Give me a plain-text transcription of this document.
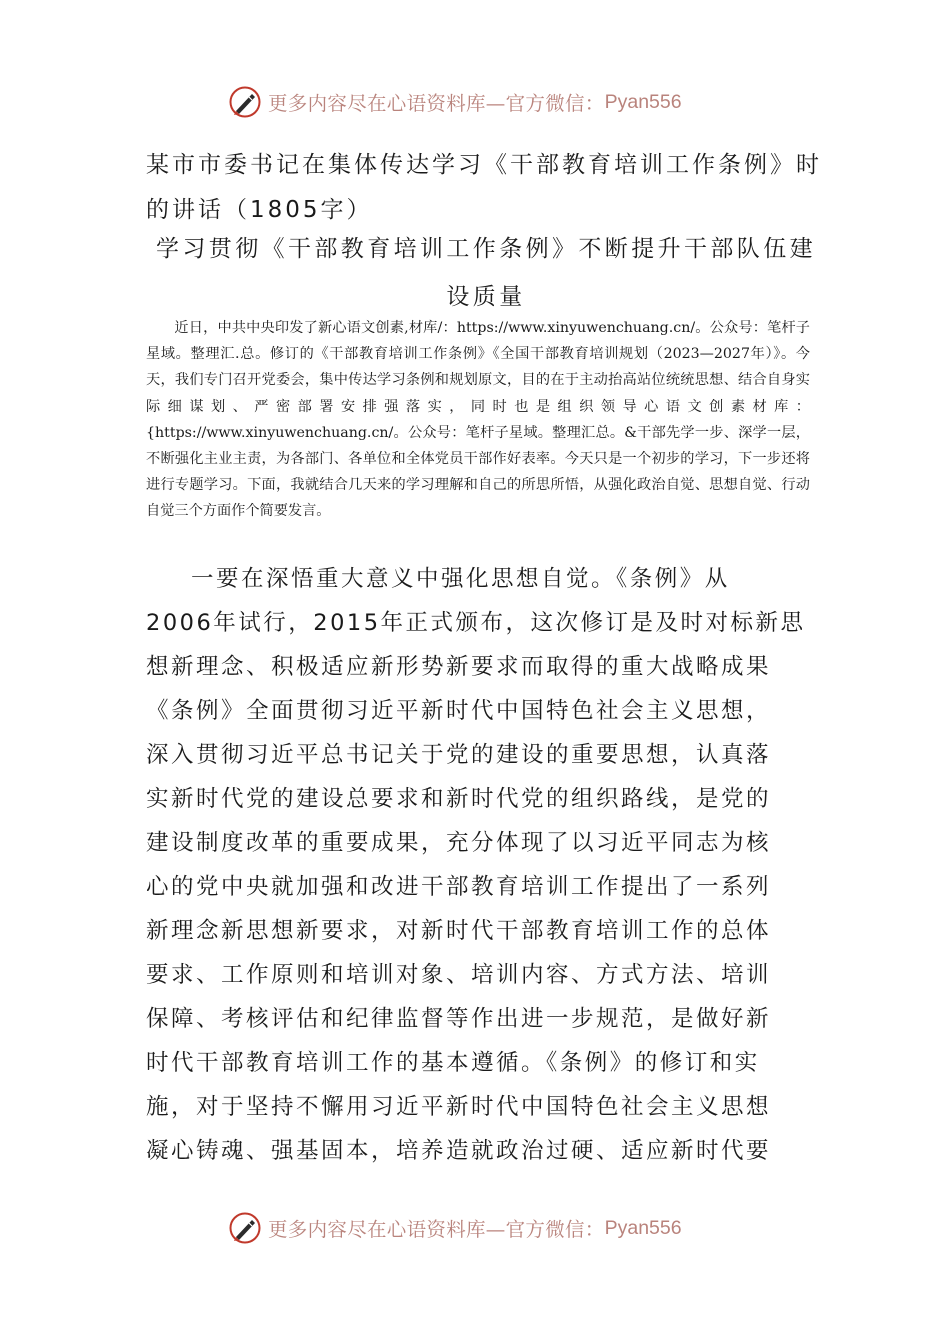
更多内容尽在心语资料库—官方微信： Pyan556
某市市委书记在集体传达学习《干部教育培训工作条例》时的讲话（1805字）
学习贯彻《干部教育培训工作条例》不断提升干部队伍建设质量

近日，中共中央印发了新心语文创素,材库/：https://www.xinyuwenchuang.cn/。公众号：笔杆子星域。整理汇.总。修订的《干部教育培训工作条例》《全国干部教育培训规划（2023—2027年）》。今天，我们专门召开党委会，集中传达学习条例和规划原文，目的在于主动抬高站位统统思想、结合自身实际细谋划、严密部署安排强落实，同时也是组织领导心语文创素材库：{https://www.xinyuwenchuang.cn/。公众号：笔杆子星域。整理汇总。&干部先学一步、深学一层，不断强化主业主责，为各部门、各单位和全体党员干部作好表率。今天只是一个初步的学习，下一步还将进行专题学习。下面，我就结合几天来的学习理解和自己的所思所悟，从强化政治自觉、思想自觉、行动自觉三个方面作个简要发言。

一要在深悟重大意义中强化思想自觉。《条例》从
2006年试行，2015年正式颁布，这次修订是及时对标新思
想新理念、积极适应新形势新要求而取得的重大战略成果
《条例》全面贯彻习近平新时代中国特色社会主义思想，
深入贯彻习近平总书记关于党的建设的重要思想，认真落
实新时代党的建设总要求和新时代党的组织路线，是党的
建设制度改革的重要成果，充分体现了以习近平同志为核
心的党中央就加强和改进干部教育培训工作提出了一系列
新理念新思想新要求，对新时代干部教育培训工作的总体
要求、工作原则和培训对象、培训内容、方式方法、培训
保障、考核评估和纪律监督等作出进一步规范，是做好新
时代干部教育培训工作的基本遵循。《条例》的修订和实
施，对于坚持不懈用习近平新时代中国特色社会主义思想
凝心铸魂、强基固本，培养造就政治过硬、适应新时代要
更多内容尽在心语资料库—官方微信： Pyan556
